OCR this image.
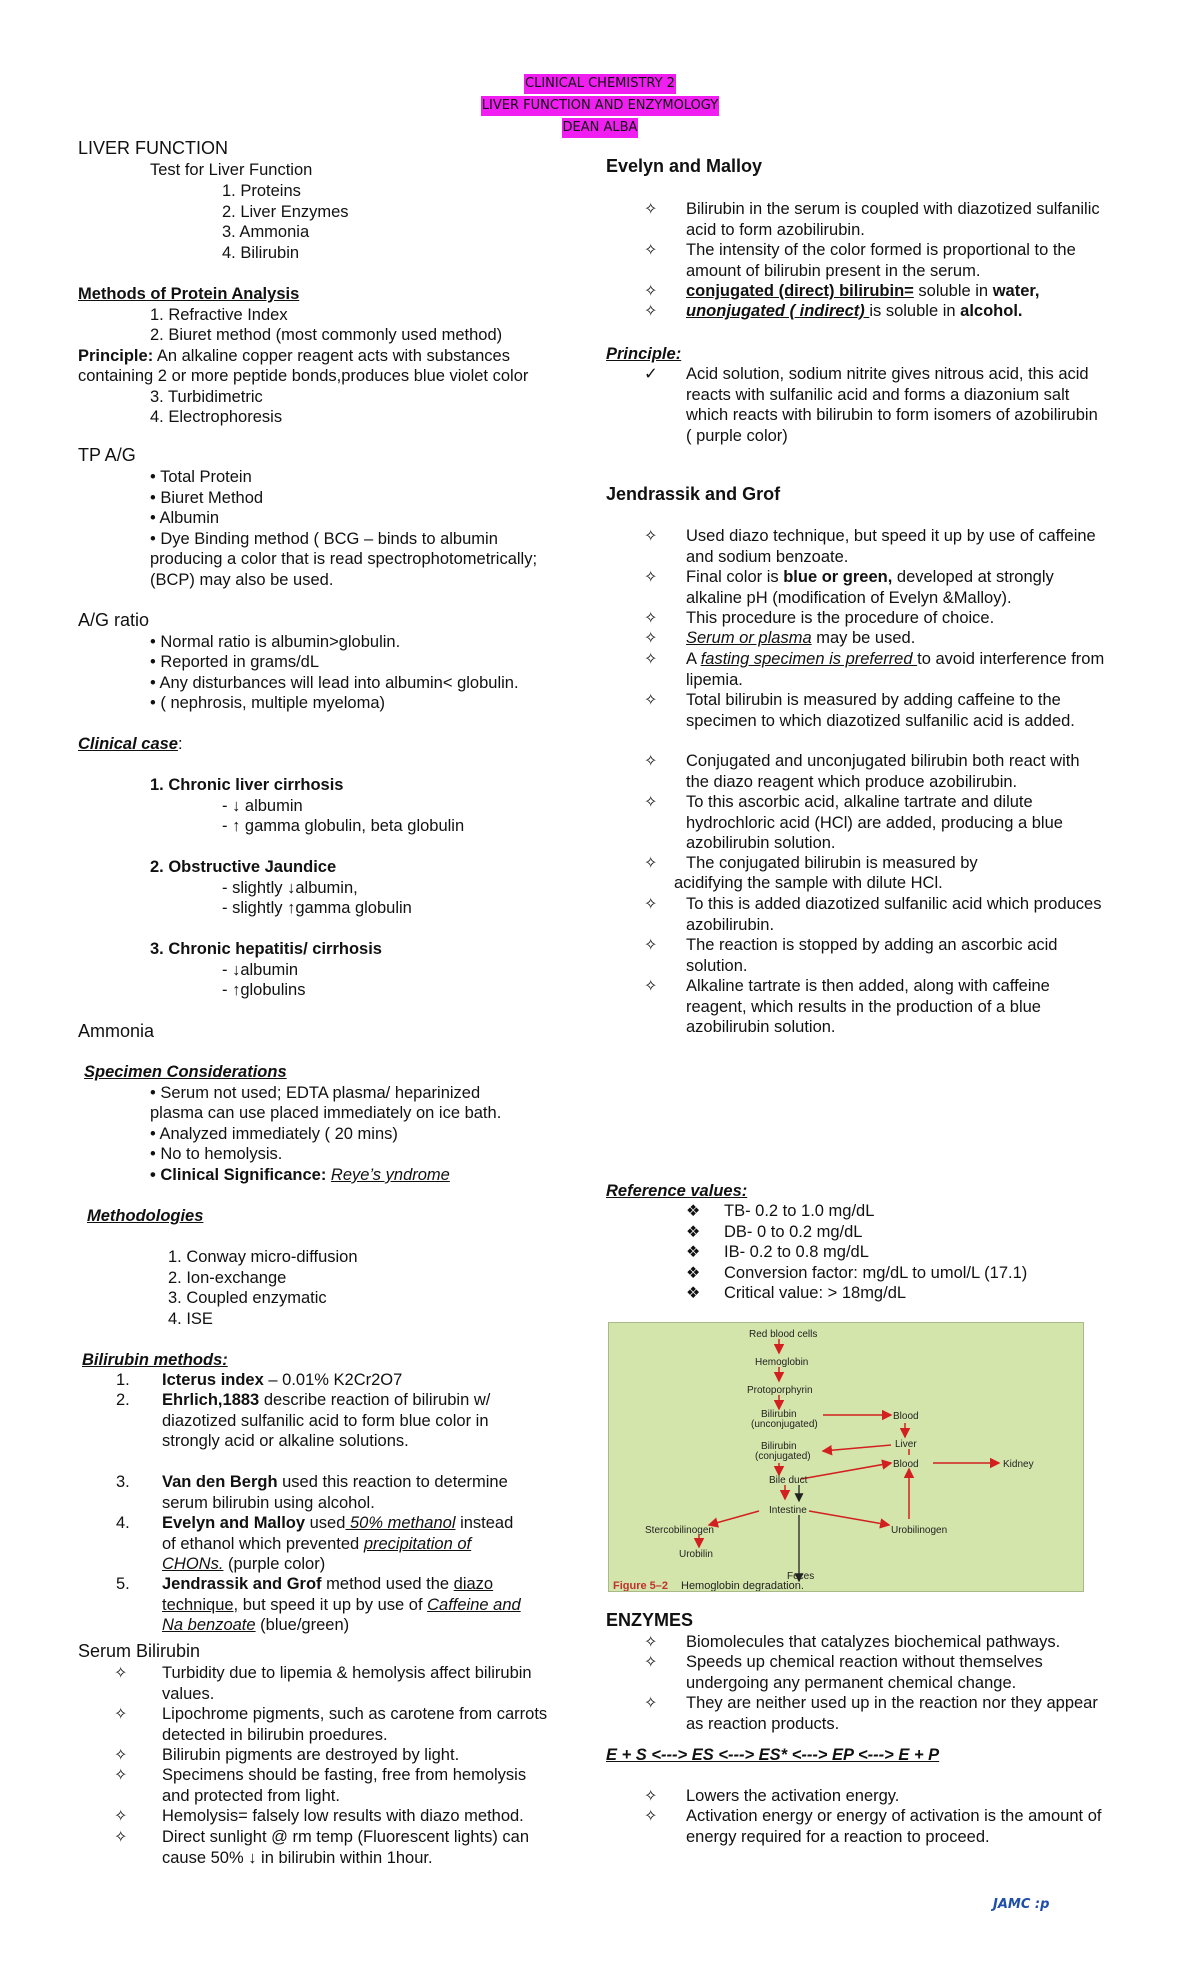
CLINICAL CHEMISTRY 2
LIVER FUNCTION AND ENZYMOLOGY
DEAN ALBA
LIVER FUNCTION
Test for Liver Function
1. Proteins
2. Liver Enzymes
3. Ammonia
4. Bilirubin
Methods of Protein Analysis
1. Refractive Index
2. Biuret method (most commonly used method)
Principle: An alkaline copper reagent acts with substances
containing 2 or more peptide bonds,produces blue violet color
3. Turbidimetric
4. Electrophoresis
TP A/G
• Total Protein
• Biuret Method
• Albumin
• Dye Binding method ( BCG – binds to albumin
producing a color that is read spectrophotometrically;
(BCP) may also be used.
A/G ratio
• Normal ratio is albumin>globulin.
• Reported in grams/dL
• Any disturbances will lead into albumin< globulin.
• ( nephrosis, multiple myeloma)
Clinical case:
1. Chronic liver cirrhosis
- ↓ albumin
- ↑ gamma globulin, beta globulin
2. Obstructive Jaundice
- slightly ↓albumin,
- slightly ↑gamma globulin
3. Chronic hepatitis/ cirrhosis
- ↓albumin
- ↑globulins
Ammonia
Specimen Considerations
• Serum not used; EDTA plasma/ heparinized
plasma can use placed immediately on ice bath.
• Analyzed immediately ( 20 mins)
• No to hemolysis.
• Clinical Significance: Reye’s yndrome
Methodologies
1. Conway micro-diffusion
2. Ion-exchange
3. Coupled enzymatic
4. ISE
Bilirubin methods:
1. Icterus index – 0.01% K2Cr2O7
2. Ehrlich,1883 describe reaction of bilirubin w/ diazotized sulfanilic acid to form blue color in strongly acid or alkaline solutions.
3. Van den Bergh used this reaction to determine serum bilirubin using alcohol.
4. Evelyn and Malloy used 50% methanol instead of ethanol which prevented precipitation of CHONs. (purple color)
5. Jendrassik and Grof method used the diazo technique, but speed it up by use of Caffeine and Na benzoate (blue/green)
Serum Bilirubin
✧ Turbidity due to lipemia & hemolysis affect bilirubin values.
✧ Lipochrome pigments, such as carotene from carrots detected in bilirubin proedures.
✧ Bilirubin pigments are destroyed by light.
✧ Specimens should be fasting, free from hemolysis and protected from light.
✧ Hemolysis= falsely low results with diazo method.
✧ Direct sunlight @ rm temp (Fluorescent lights) can cause 50% ↓ in bilirubin within 1hour.
Evelyn and Malloy
✧ Bilirubin in the serum is coupled with diazotized sulfanilic acid to form azobilirubin.
✧ The intensity of the color formed is proportional to the amount of bilirubin present in the serum.
✧ conjugated (direct) bilirubin= soluble in water,
✧ unonjugated ( indirect) is soluble in alcohol.
Principle:
✓ Acid solution, sodium nitrite gives nitrous acid, this acid reacts with sulfanilic acid and forms a diazonium salt which reacts with bilirubin to form isomers of azobilirubin ( purple color)
Jendrassik and Grof
✧ Used diazo technique, but speed it up by use of caffeine and sodium benzoate.
✧ Final color is blue or green, developed at strongly alkaline pH (modification of Evelyn &Malloy).
✧ This procedure is the procedure of choice.
✧ Serum or plasma may be used.
✧ A fasting specimen is preferred to avoid interference from lipemia.
✧ Total bilirubin is measured by adding caffeine to the specimen to which diazotized sulfanilic acid is added.
✧ Conjugated and unconjugated bilirubin both react with the diazo reagent which produce azobilirubin.
✧ To this ascorbic acid, alkaline tartrate and dilute hydrochloric acid (HCl) are added, producing a blue azobilirubin solution.
✧ The conjugated bilirubin is measured by
✧ To this is added diazotized sulfanilic acid which produces azobilirubin.
✧ The reaction is stopped by adding an ascorbic acid solution.
✧ Alkaline tartrate is then added, along with caffeine reagent, which results in the production of a blue azobilirubin solution.
acidifying the sample with dilute HCl.
Reference values:
❖ TB- 0.2 to 1.0 mg/dL
❖ DB- 0 to 0.2 mg/dL
❖ IB- 0.2 to 0.8 mg/dL
❖ Conversion factor: mg/dL to umol/L (17.1)
❖ Critical value: > 18mg/dL
ENZYMES
✧ Biomolecules that catalyzes biochemical pathways.
✧ Speeds up chemical reaction without themselves undergoing any permanent chemical change.
✧ They are neither used up in the reaction nor they appear as reaction products.
E + S <---> ES <---> ES* <---> EP <---> E + P
✧ Lowers the activation energy.
✧ Activation energy or energy of activation is the amount of energy required for a reaction to proceed.
Red blood cells
Hemoglobin
Protoporphyrin
Bilirubin
(unconjugated)
Blood
Bilirubin
(conjugated)
Liver
Bile duct
Blood	Kidney
Intestine
Stercobilinogen	Urobilinogen
Urobilin
Feces
Figure 5–2 Hemoglobin degradation.
JAMC :p
